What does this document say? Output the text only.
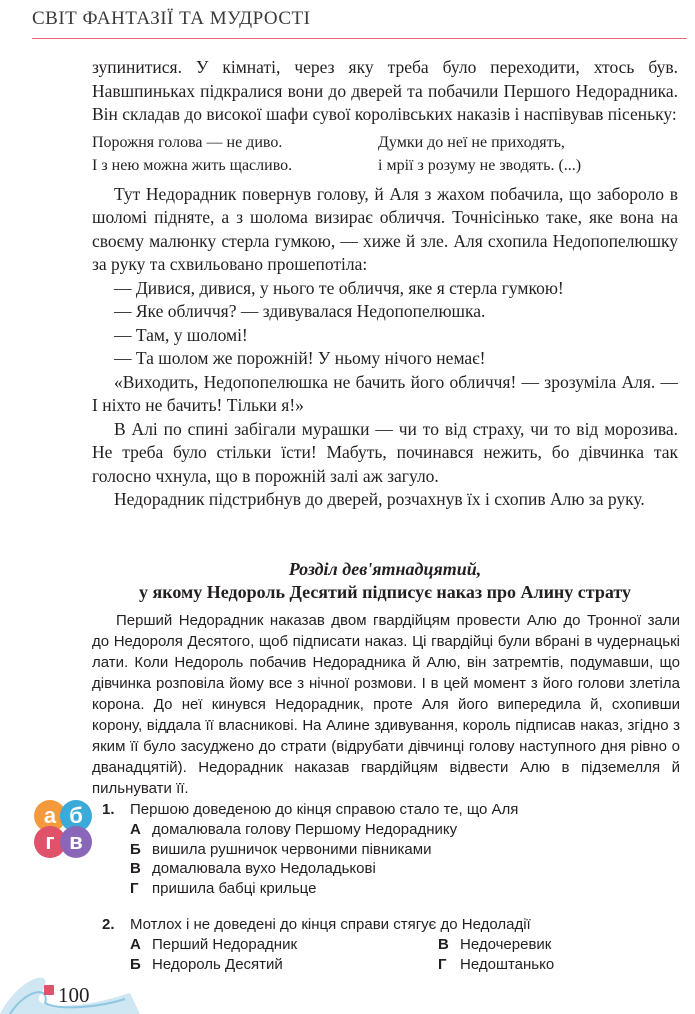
СВІТ ФАНТАЗІЇ ТА МУДРОСТІ

зупинитися. У кімнаті, через яку треба було переходити, хтось був. Навшпиньках підкралися вони до дверей та побачили Першого Недорадника. Він складав до високої шафи сувої королівських наказів і наспівував пісеньку:

Порожня голова — не диво.
І з нею можна жить щасливо.
Думки до неї не приходять,
і мрії з розуму не зводять. (...)

Тут Недорадник повернув голову, й Аля з жахом побачила, що забороло в шоломі підняте, а з шолома визирає обличчя. Точнісінько таке, яке вона на своєму малюнку стерла гумкою, — хиже й зле. Аля схопила Недопопелюшку за руку та схвильовано прошепотіла:

— Дивися, дивися, у нього те обличчя, яке я стерла гумкою!

— Яке обличчя? — здивувалася Недопопелюшка.

— Там, у шоломі!

— Та шолом же порожній! У ньому нічого немає!

«Виходить, Недопопелюшка не бачить його обличчя! — зрозуміла Аля. — І ніхто не бачить! Тільки я!»

В Алі по спині забігали мурашки — чи то від страху, чи то від морозива. Не треба було стільки їсти! Мабуть, починався нежить, бо дівчинка так голосно чхнула, що в порожній залі аж загуло.

Недорадник підстрибнув до дверей, розчахнув їх і схопив Алю за руку.

Розділ дев'ятнадцятий,
у якому Недороль Десятий підписує наказ про Алину страту

Перший Недорадник наказав двом гвардійцям провести Алю до Тронної зали до Недороля Десятого, щоб підписати наказ. Ці гвардійці були вбрані в чудернацькі лати. Коли Недороль побачив Недорадника й Алю, він затремтів, подумавши, що дівчинка розповіла йому все з нічної розмови. І в цей момент з його голови злетіла корона. До неї кинувся Недорадник, проте Аля його випередила й, схопивши корону, віддала її власникові. На Алине здивування, король підписав наказ, згідно з яким її було засуджено до страти (відрубати дівчинці голову наступного дня рівно о дванадцятій). Недорадник наказав гвардійцям відвести Алю в підземелля й пильнувати її.

а б
г в
1. Першою доведеною до кінця справою стало те, що Аля
А домалювала голову Першому Недораднику
Б вишила рушничок червоними півниками
В домалювала вухо Недоладькові
Г пришила бабці крильце
2. Мотлох і не доведені до кінця справи стягує до Недоладії
А Перший Недорадник
Б Недороль Десятий
В Недочеревик
Г Недоштанько
100
